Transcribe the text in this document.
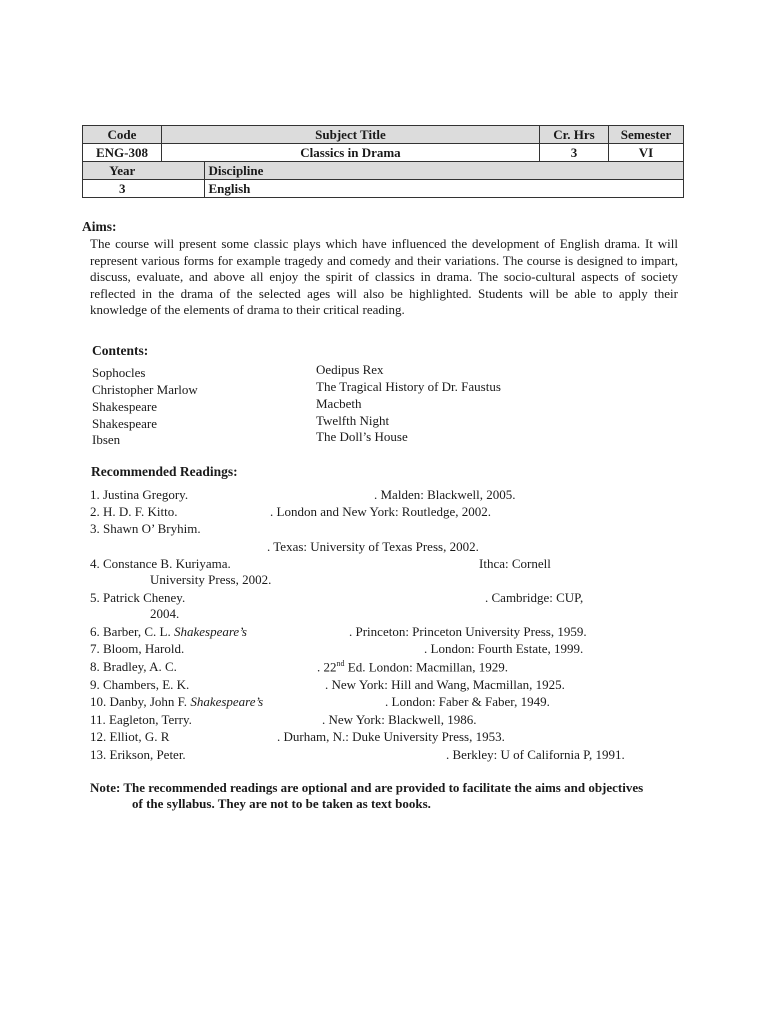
Code	Subject Title		Cr. Hrs	Semester
ENG-308	Classics in Drama		3	VI
Year		Discipline		
3		English		
Aims:
The course will present some classic plays which have influenced the development of English drama. It will represent various forms for example tragedy and comedy and their variations. The course is designed to impart, discuss, evaluate, and above all enjoy the spirit of classics in drama. The socio-cultural aspects of society reflected in the drama of the selected ages will also be highlighted. Students will be able to apply their knowledge of the elements of drama to their critical reading.
Contents:
Sophocles	Oedipus Rex
Christopher Marlow	The Tragical History of Dr. Faustus
Shakespeare	Macbeth
Shakespeare	Twelfth Night
Ibsen	The Doll’s House
Recommended Readings:
1. Justina Gregory.	. Malden: Blackwell, 2005.
2. H. D. F. Kitto.	. London and New York: Routledge, 2002.
3. Shawn O’ Bryhim.
. Texas: University of Texas Press, 2002.
4. Constance B. Kuriyama.	Ithca: Cornell
University Press, 2002.
5. Patrick Cheney.	. Cambridge: CUP,
2004.
6. Barber, C. L. Shakespeare’s	. Princeton: Princeton University Press, 1959.
7. Bloom, Harold.	. London: Fourth Estate, 1999.
8. Bradley, A. C.	. 22nd Ed. London: Macmillan, 1929.
9. Chambers, E. K.	. New York: Hill and Wang, Macmillan, 1925.
10. Danby, John F. Shakespeare’s	. London: Faber & Faber, 1949.
11. Eagleton, Terry.	. New York: Blackwell, 1986.
12. Elliot, G. R	. Durham, N.: Duke University Press, 1953.
13. Erikson, Peter.	. Berkley: U of California P, 1991.
Note: The recommended readings are optional and are provided to facilitate the aims and objectives
of the syllabus. They are not to be taken as text books.
